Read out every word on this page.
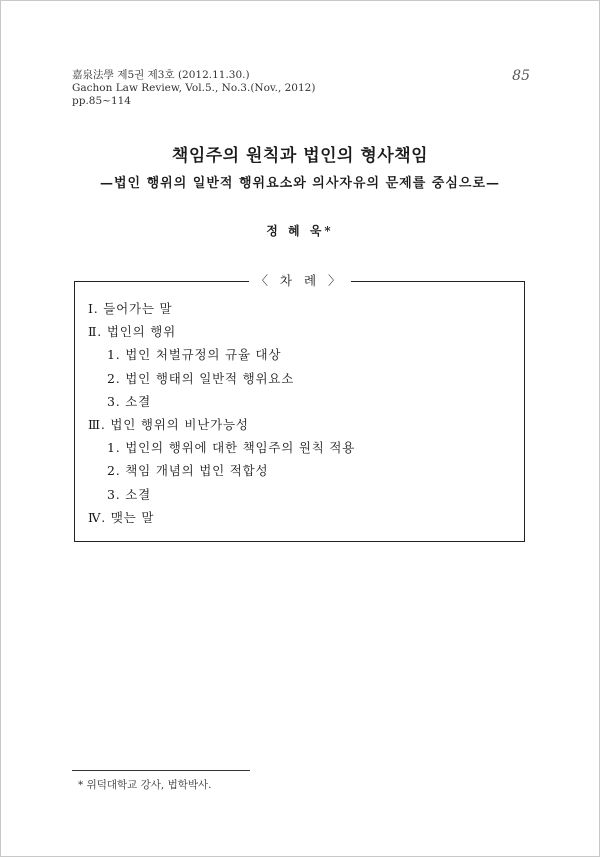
嘉泉法學 제5권 제3호 (2012.11.30.)
Gachon Law Review, Vol.5., No.3.(Nov., 2012)
pp.85~114
85
책임주의 원칙과 법인의 형사책임
—법인 행위의 일반적 행위요소와 의사자유의 문제를 중심으로—
정 혜 욱*
〈 차 례 〉
Ⅰ. 들어가는 말
Ⅱ. 법인의 행위
1. 법인 처벌규정의 규율 대상
2. 법인 행태의 일반적 행위요소
3. 소결
Ⅲ. 법인 행위의 비난가능성
1. 법인의 행위에 대한 책임주의 원칙 적용
2. 책임 개념의 법인 적합성
3. 소결
Ⅳ. 맺는 말
* 위덕대학교 강사, 법학박사.
